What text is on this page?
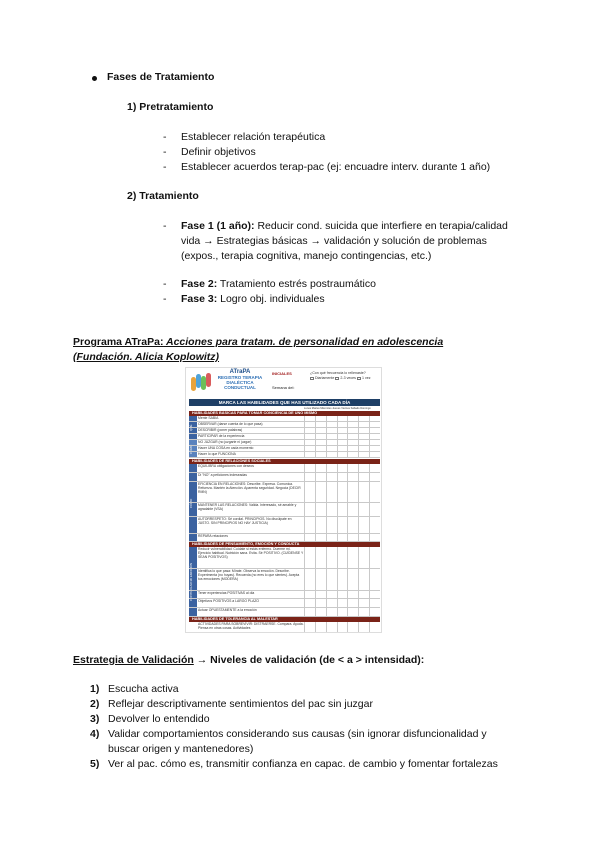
Fases de Tratamiento
1) Pretratamiento
- Establecer relación terapéutica
- Definir objetivos
- Establecer acuerdos terap-pac (ej: encuadre interv. durante 1 año)
2) Tratamiento
- Fase 1 (1 año): Reducir cond. suicida que interfiere en terapia/calidad
vida → Estrategias básicas → validación y solución de problemas
(expos., terapia cognitiva, manejo contingencias, etc.)
- Fase 2: Tratamiento estrés postraumático
- Fase 3: Logro obj. individuales
Programa ATraPa: Acciones para tratam. de personalidad en adolescencia
(Fundación. Alicia Koplowitz)
ATraPA
REGISTRO TERAPIA
DIALÉCTICA
CONDUCTUAL
INICIALES
Semana del:
¿Con qué frecuencia lo rellenaste?
Diariamente 2-3 veces 1 vez
MARCA LAS HABILIDADES QUE HAS UTILIZADO CADA DÍA
Lunes Martes Miércoles Jueves Viernes Sábado Domingo
HABILIDADES BÁSICAS PARA TOMAR CONCIENCIA DE UNO MISMO
QUÉ
CÓMO
Mente SABIA
OBSERVAR (darse cuenta de lo que pasa)
DESCRIBIR (poner palabras)
PARTICIPAR de la experiencia
NO JUZGAR (no juzgarte ni juzgar)
Hacer UNA COSA en cada momento
Hacer lo que FUNCIONA
HABILIDADES DE RELACIONES SOCIALES
CÓMO
EQUILIBRA obligaciones con deseos
Di "NO" a peticiones indeseadas
EFICIENCIA EN RELACIONES: Describe. Expresa. Comunica. Refuerza. Mantén la Atención. Aparenta seguridad. Negocia (DECIR RMN)
MANTENER LAS RELACIONES: Valida. Interesado, sé amable y agradable (VSA)
AUTORRESPETO: Sé cordial. PRINCIPIOS. No discúlpate en JUSTO. SIN PRINCIPIOS NO HAY JUSTICIA)
REPARA relaciones
HABILIDADES DE PENSAMIENTO, EMOCIÓN Y CONDUCTA
CONTROLAR MI EMOCIÓN
Reducir vulnerabilidad: Cuídate si estás enfermo. Duerme mi. Ejercicio habitual. Nutrición sana. Evita. Sé POSITIVO. (CUÍDENSE Y SEAN POSITIVOS)
Identifica lo que pasa: Mírate. Observa la emoción. Describe. Experimenta (no huyas). Recuerda (no eres lo que sientes). Acepta tus emociones (MODERA)
Tener experiencias POSITIVAS al día
Objetivos POSITIVOS a LARGO PLAZO
Actuar OPUESTAMENTE a la emoción
HABILIDADES DE TOLERANCIA AL MALESTAR
ACTIVIDADES PARA SOBREVIVIR: DISTRAERSE. Compara. Ayuda. Piensa en otras cosas. Actividades
Estrategia de Validación → Niveles de validación (de < a > intensidad):
1) Escucha activa
2) Reflejar descriptivamente sentimientos del pac sin juzgar
3) Devolver lo entendido
4) Validar comportamientos considerando sus causas (sin ignorar disfuncionalidad y
buscar origen y mantenedores)
5) Ver al pac. cómo es, transmitir confianza en capac. de cambio y fomentar fortalezas
